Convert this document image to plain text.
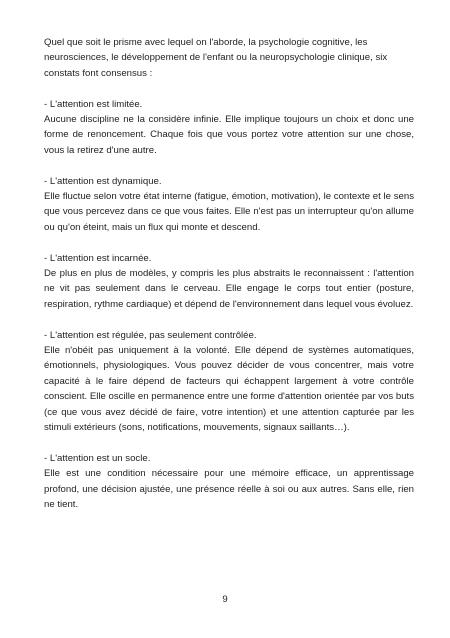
Quel que soit le prisme avec lequel on l'aborde, la psychologie cognitive, les neurosciences, le développement de l'enfant ou la neuropsychologie clinique, six constats font consensus :

- L'attention est limitée.

Aucune discipline ne la considère infinie. Elle implique toujours un choix et donc une forme de renoncement. Chaque fois que vous portez votre attention sur une chose, vous la retirez d'une autre.

- L'attention est dynamique.

Elle fluctue selon votre état interne (fatigue, émotion, motivation), le contexte et le sens que vous percevez dans ce que vous faites. Elle n'est pas un interrupteur qu'on allume ou qu'on éteint, mais un flux qui monte et descend.

- L'attention est incarnée.

De plus en plus de modèles, y compris les plus abstraits le reconnaissent : l'attention ne vit pas seulement dans le cerveau. Elle engage le corps tout entier (posture, respiration, rythme cardiaque) et dépend de l'environnement dans lequel vous évoluez.

- L'attention est régulée, pas seulement contrôlée.

Elle n'obéit pas uniquement à la volonté. Elle dépend de systèmes automatiques, émotionnels, physiologiques. Vous pouvez décider de vous concentrer, mais votre capacité à le faire dépend de facteurs qui échappent largement à votre contrôle conscient. Elle oscille en permanence entre une forme d'attention orientée par vos buts (ce que vous avez décidé de faire, votre intention) et une attention capturée par les stimuli extérieurs (sons, notifications, mouvements, signaux saillants…).

- L'attention est un socle.

Elle est une condition nécessaire pour une mémoire efficace, un apprentissage profond, une décision ajustée, une présence réelle à soi ou aux autres. Sans elle, rien ne tient.

9
